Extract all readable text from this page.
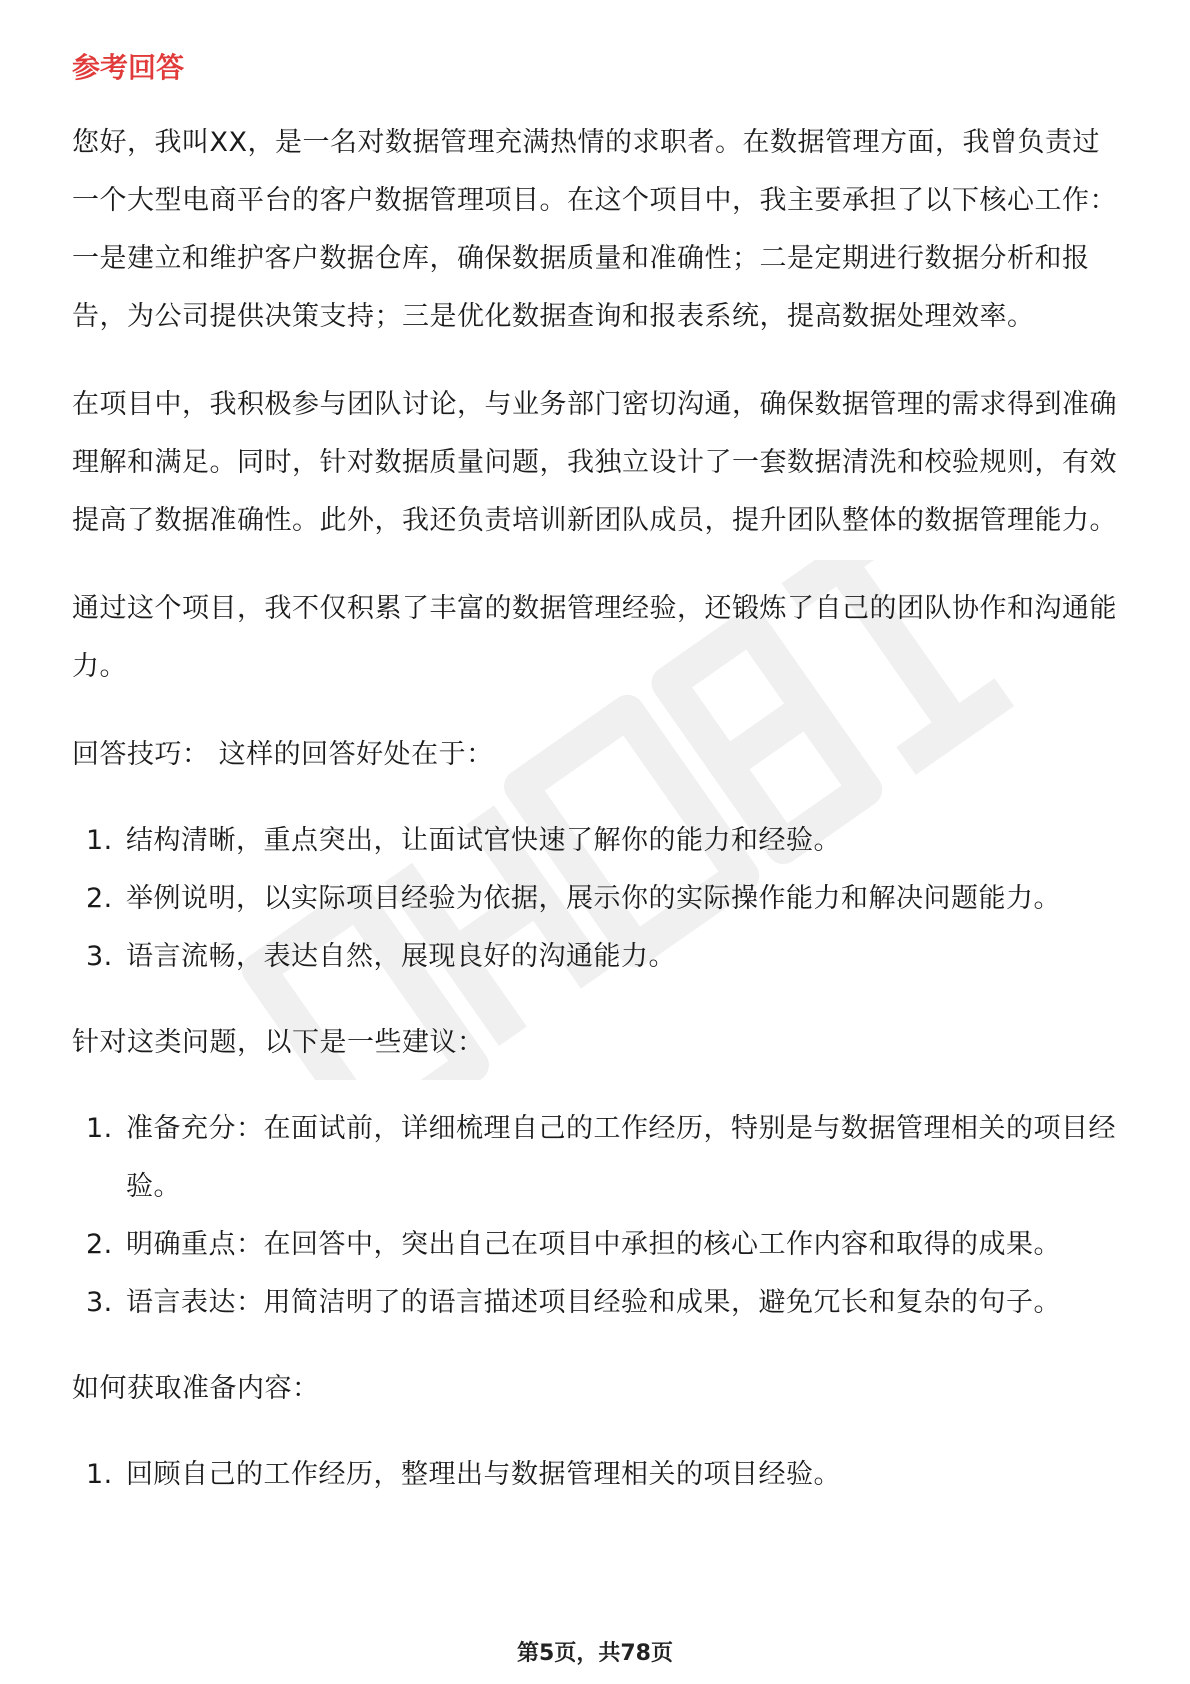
参考回答

您好，我叫XX，是一名对数据管理充满热情的求职者。在数据管理方面，我曾负责过一个大型电商平台的客户数据管理项目。在这个项目中，我主要承担了以下核心工作：一是建立和维护客户数据仓库，确保数据质量和准确性；二是定期进行数据分析和报告，为公司提供决策支持；三是优化数据查询和报表系统，提高数据处理效率。

在项目中，我积极参与团队讨论，与业务部门密切沟通，确保数据管理的需求得到准确理解和满足。同时，针对数据质量问题，我独立设计了一套数据清洗和校验规则，有效提高了数据准确性。此外，我还负责培训新团队成员，提升团队整体的数据管理能力。

通过这个项目，我不仅积累了丰富的数据管理经验，还锻炼了自己的团队协作和沟通能力。

回答技巧： 这样的回答好处在于：
1. 结构清晰，重点突出，让面试官快速了解你的能力和经验。
2. 举例说明，以实际项目经验为依据，展示你的实际操作能力和解决问题能力。
3. 语言流畅，表达自然，展现良好的沟通能力。
针对这类问题，以下是一些建议：
1. 准备充分：在面试前，详细梳理自己的工作经历，特别是与数据管理相关的项目经验。
2. 明确重点：在回答中，突出自己在项目中承担的核心工作内容和取得的成果。
3. 语言表达：用简洁明了的语言描述项目经验和成果，避免冗长和复杂的句子。
如何获取准备内容：
1. 回顾自己的工作经历，整理出与数据管理相关的项目经验。
第5页，共78页
